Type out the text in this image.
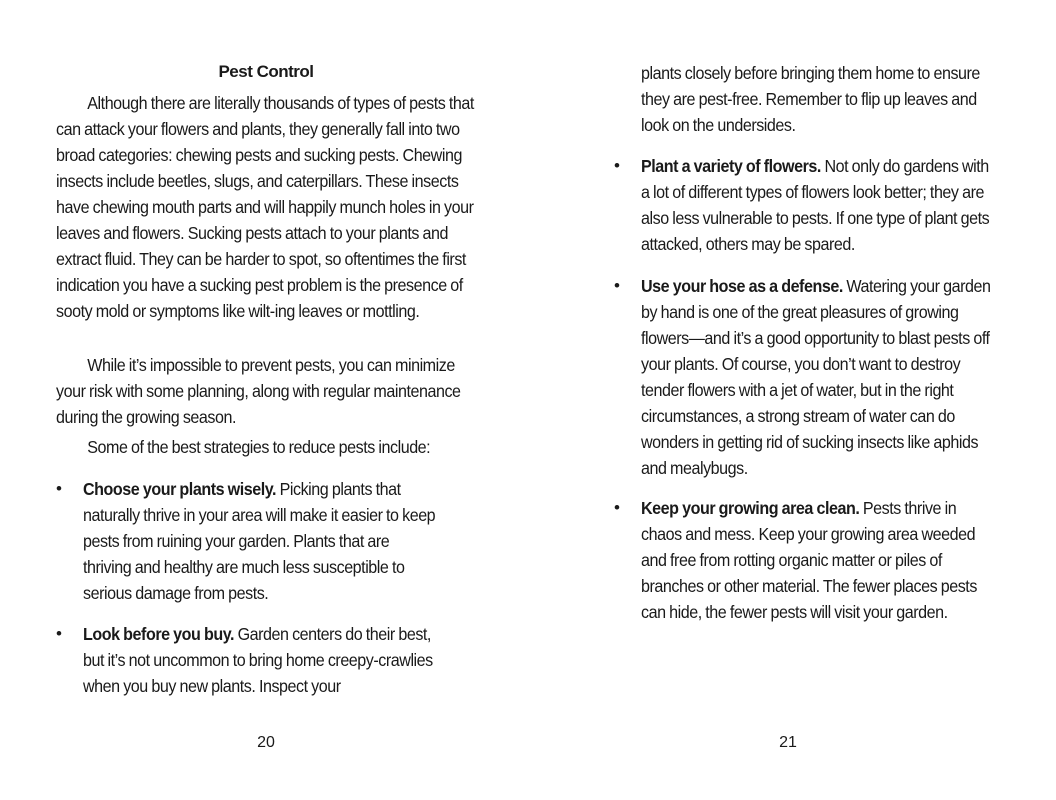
Pest Control

Although there are literally thousands of types of pests that can attack your flowers and plants, they generally fall into two broad categories: chewing pests and sucking pests. Chewing insects include beetles, slugs, and caterpillars. These insects have chewing mouth parts and will happily munch holes in your leaves and flowers. Sucking pests attach to your plants and extract fluid. They can be harder to spot, so oftentimes the first indication you have a sucking pest problem is the presence of sooty mold or symptoms like wilt-ing leaves or mottling.

While it’s impossible to prevent pests, you can minimize your risk with some planning, along with regular maintenance during the growing season.

Some of the best strategies to reduce pests include:

• Choose your plants wisely. Picking plants that naturally thrive in your area will make it easier to keep pests from ruining your garden. Plants that are thriving and healthy are much less susceptible to serious damage from pests.
• Look before you buy. Garden centers do their best, but it’s not uncommon to bring home creepy-crawlies when you buy new plants. Inspect your
20
plants closely before bringing them home to ensure they are pest-free. Remember to flip up leaves and look on the undersides.
• Plant a variety of flowers. Not only do gardens with a lot of different types of flowers look better; they are also less vulnerable to pests. If one type of plant gets attacked, others may be spared.
• Use your hose as a defense. Watering your garden by hand is one of the great pleasures of growing flowers—and it’s a good opportunity to blast pests off your plants. Of course, you don’t want to destroy tender flowers with a jet of water, but in the right circumstances, a strong stream of water can do wonders in getting rid of sucking insects like aphids and mealybugs.
• Keep your growing area clean. Pests thrive in chaos and mess. Keep your growing area weeded and free from rotting organic matter or piles of branches or other material. The fewer places pests can hide, the fewer pests will visit your garden.
21
